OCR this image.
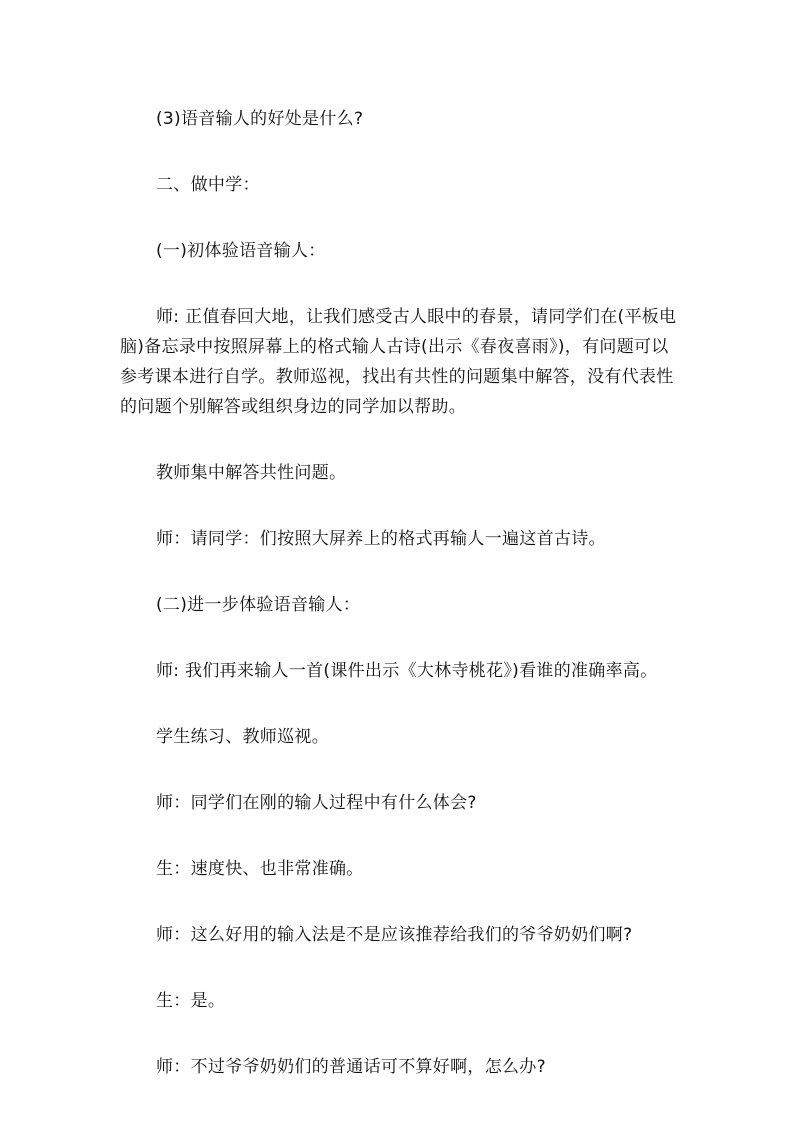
(3)语音输人的好处是什么?

二、做中学：

(一)初体验语音输人：

师: 正值春回大地，让我们感受古人眼中的春景，请同学们在(平板电脑)备忘录中按照屏幕上的格式输人古诗(出示《春夜喜雨》)，有问题可以参考课本进行自学。教师巡视，找出有共性的问题集中解答，没有代表性的问题个别解答或组织身边的同学加以帮助。

教师集中解答共性问题。

师：请同学：们按照大屏养上的格式再输人一遍这首古诗。

(二)进一步体验语音输人：

师: 我们再来输人一首(课件出示《大林寺桃花》)看谁的准确率高。

学生练习、教师巡视。

师：同学们在刚的输人过程中有什么体会?

生：速度快、也非常准确。

师：这么好用的输入法是不是应该推荐给我们的爷爷奶奶们啊?

生：是。

师：不过爷爷奶奶们的普通话可不算好啊，怎么办?
